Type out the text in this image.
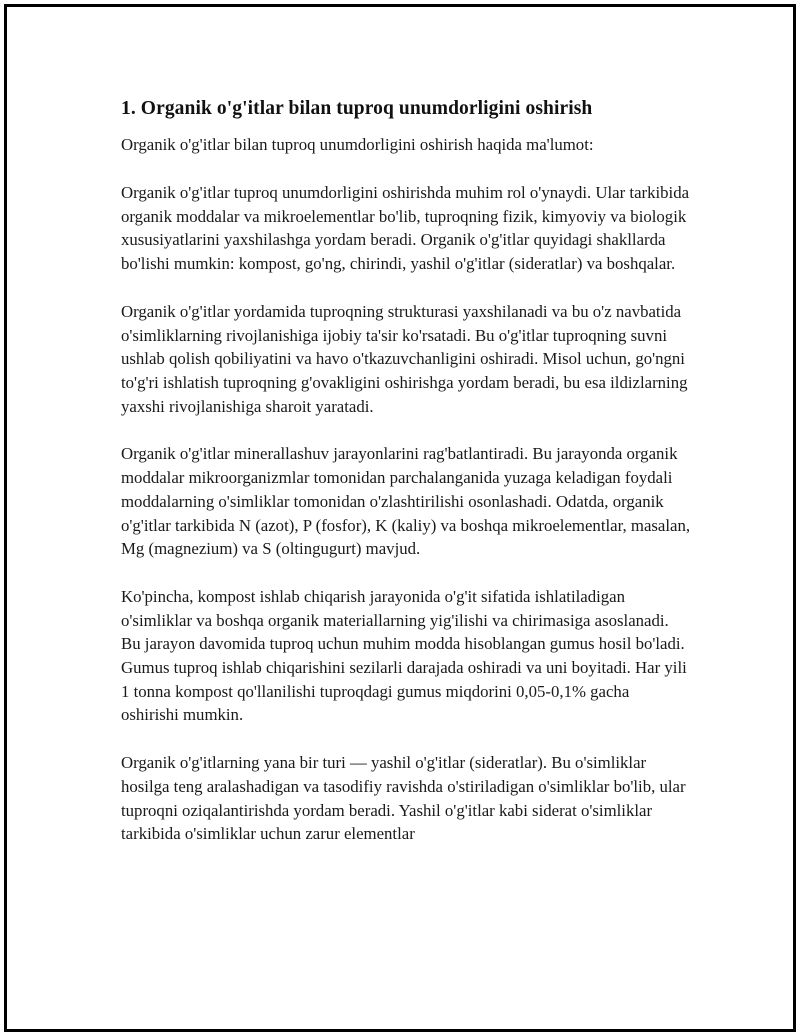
1. Organik o'g'itlar bilan tuproq unumdorligini oshirish

Organik o'g'itlar bilan tuproq unumdorligini oshirish haqida ma'lumot:

Organik o'g'itlar tuproq unumdorligini oshirishda muhim rol o'ynaydi. Ular tarkibida organik moddalar va mikroelementlar bo'lib, tuproqning fizik, kimyoviy va biologik xususiyatlarini yaxshilashga yordam beradi. Organik o'g'itlar quyidagi shakllarda bo'lishi mumkin: kompost, go'ng, chirindi, yashil o'g'itlar (sideratlar) va boshqalar.

Organik o'g'itlar yordamida tuproqning strukturasi yaxshilanadi va bu o'z navbatida o'simliklarning rivojlanishiga ijobiy ta'sir ko'rsatadi. Bu o'g'itlar tuproqning suvni ushlab qolish qobiliyatini va havo o'tkazuvchanligini oshiradi. Misol uchun, go'ngni to'g'ri ishlatish tuproqning g'ovakligini oshirishga yordam beradi, bu esa ildizlarning yaxshi rivojlanishiga sharoit yaratadi.

Organik o'g'itlar minerallashuv jarayonlarini rag'batlantiradi. Bu jarayonda organik moddalar mikroorganizmlar tomonidan parchalanganida yuzaga keladigan foydali moddalarning o'simliklar tomonidan o'zlashtirilishi osonlashadi. Odatda, organik o'g'itlar tarkibida N (azot), P (fosfor), K (kaliy) va boshqa mikroelementlar, masalan, Mg (magnezium) va S (oltingugurt) mavjud.

Ko'pincha, kompost ishlab chiqarish jarayonida o'g'it sifatida ishlatiladigan o'simliklar va boshqa organik materiallarning yig'ilishi va chirimasiga asoslanadi. Bu jarayon davomida tuproq uchun muhim modda hisoblangan gumus hosil bo'ladi. Gumus tuproq ishlab chiqarishini sezilarli darajada oshiradi va uni boyitadi. Har yili 1 tonna kompost qo'llanilishi tuproqdagi gumus miqdorini 0,05-0,1% gacha oshirishi mumkin.

Organik o'g'itlarning yana bir turi — yashil o'g'itlar (sideratlar). Bu o'simliklar hosilga teng aralashadigan va tasodifiy ravishda o'stiriladigan o'simliklar bo'lib, ular tuproqni oziqalantirishda yordam beradi. Yashil o'g'itlar kabi siderat o'simliklar tarkibida o'simliklar uchun zarur elementlar
